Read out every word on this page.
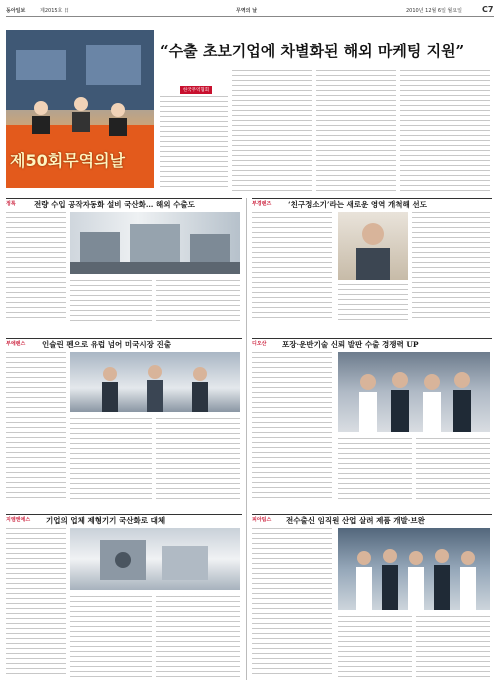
동아일보	제2015호 日	무역의 날	2010년 12월 6일 월요일 C7
“수출 초보기업에 차별화된 해외 마케팅 지원”
제50회무역의날
한국무역협회
정록 전량 수입 공작자동화 설비 국산화… 해외 수출도	부경렌즈 ‘친구정소기’라는 새로운 영역 개척해 선도
부에렌스 인슐린 펜으로 유럽 넘어 미국시장 진출	디오산 포장·운반기술 신뢰 발판 수출 경쟁력 UP
지엠엔에스 기업의 업체 제형기기 국산화로 대체	피아팀스 전수출신 임직원 산업 살려 제품 개발·브완
